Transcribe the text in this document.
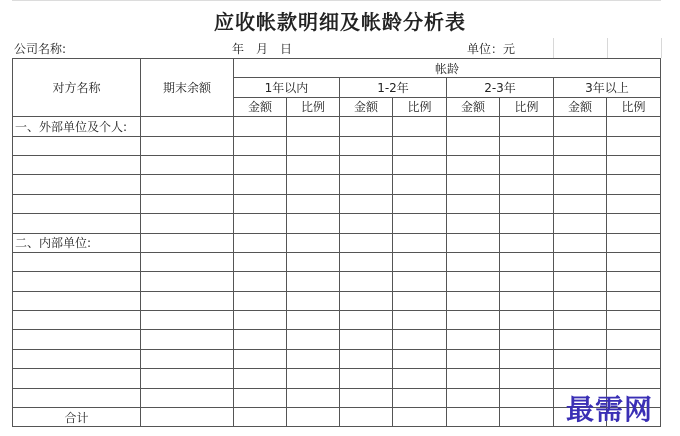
应收帐款明细及帐龄分析表
公司名称:	年　月　日	单位：元
对方名称	期末余额	帐龄							
		1年以内		1-2年		2-3年		3年以上	
		金额	比例	金额	比例	金额	比例	金额	比例
一、外部单位及个人:									

二、内部单位:									

合计										最需网
